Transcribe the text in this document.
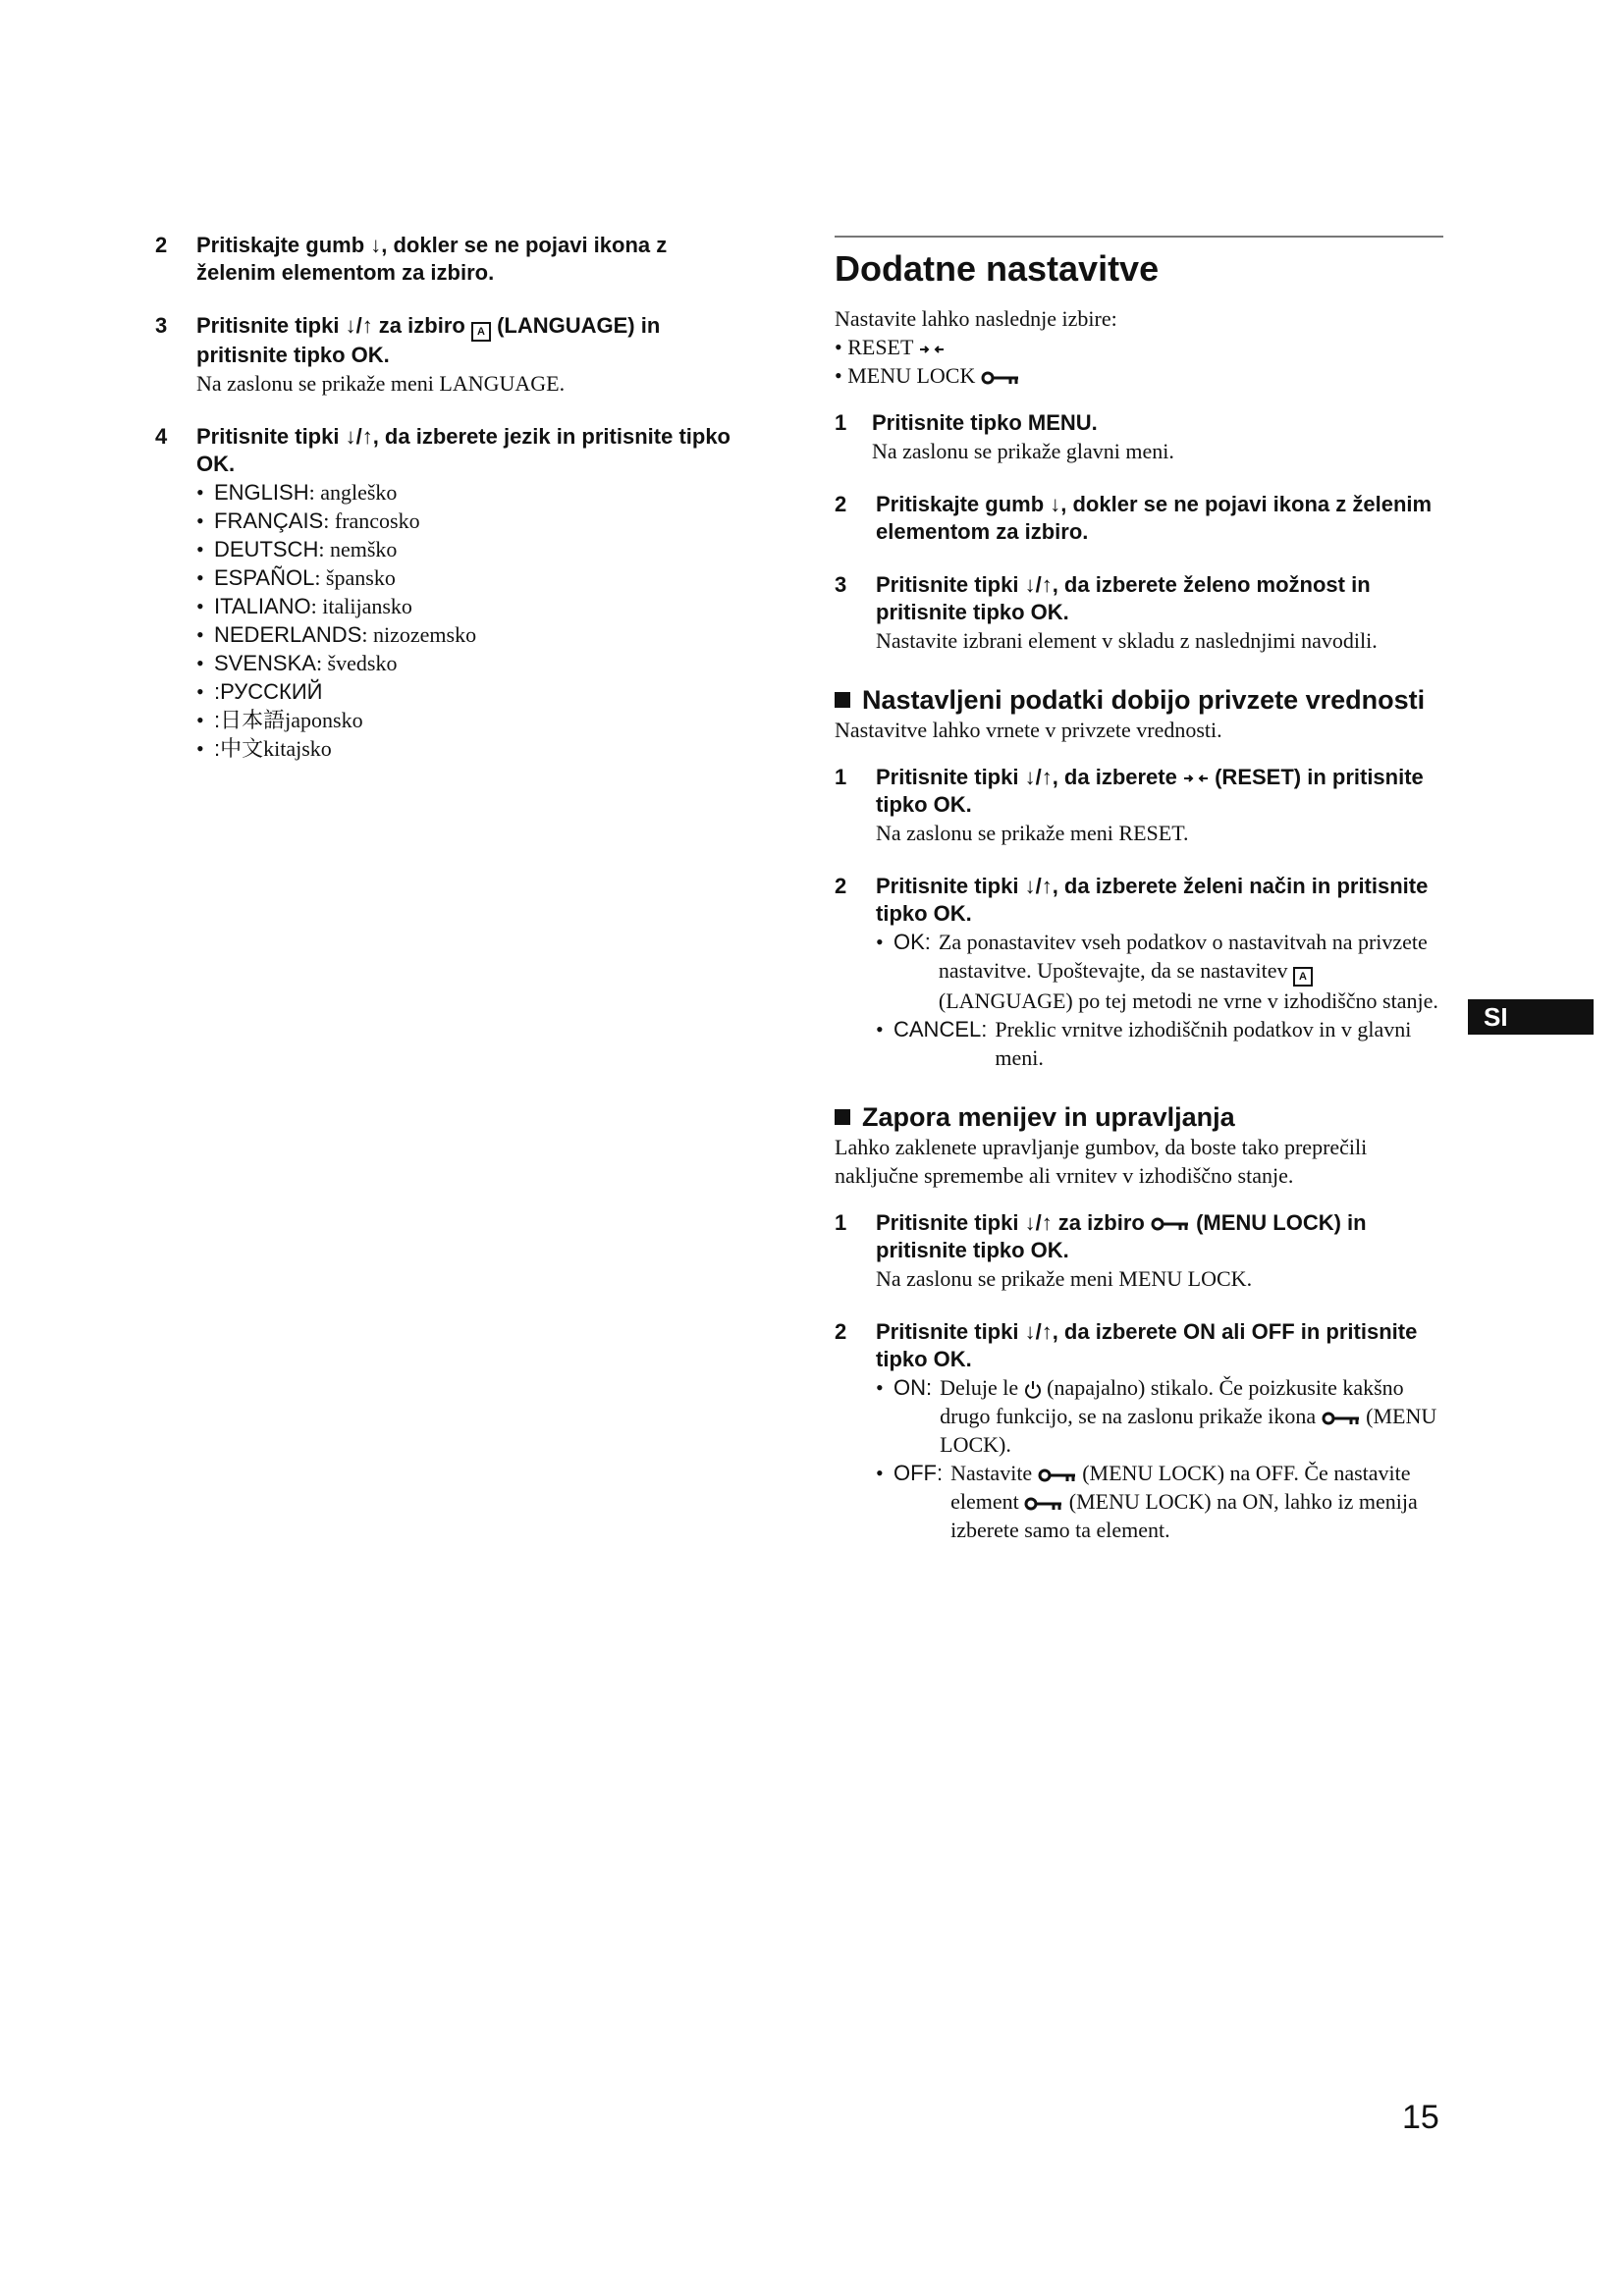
2 Pritiskajte gumb ↓, dokler se ne pojavi ikona z želenim elementom za izbiro.
3 Pritisnite tipki ↓/↑ za izbiro A (LANGUAGE) in pritisnite tipko OK.
Na zaslonu se prikaže meni LANGUAGE.
4 Pritisnite tipki ↓/↑, da izberete jezik in pritisnite tipko OK.
• ENGLISH: angleško
• FRANÇAIS: francosko
• DEUTSCH: nemško
• ESPAÑOL: špansko
• ITALIANO: italijansko
• NEDERLANDS: nizozemsko
• SVENSKA: švedsko
• :РУССКИЙ
• :日本語japonsko
• :中文kitajsko
Dodatne nastavitve
Nastavite lahko naslednje izbire:
• RESET
• MENU LOCK
1 Pritisnite tipko MENU.
Na zaslonu se prikaže glavni meni.
2 Pritiskajte gumb ↓, dokler se ne pojavi ikona z želenim elementom za izbiro.
3 Pritisnite tipki ↓/↑, da izberete želeno možnost in pritisnite tipko OK.
Nastavite izbrani element v skladu z naslednjimi navodili.
Nastavljeni podatki dobijo privzete vrednosti
Nastavitve lahko vrnete v privzete vrednosti.
1 Pritisnite tipki ↓/↑, da izberete (RESET) in pritisnite tipko OK.
Na zaslonu se prikaže meni RESET.
2 Pritisnite tipki ↓/↑, da izberete želeni način in pritisnite tipko OK.
• OK: Za ponastavitev vseh podatkov o nastavitvah na privzete nastavitve. Upoštevajte, da se nastavitev A(LANGUAGE) po tej metodi ne vrne v izhodiščno stanje.
• CANCEL: Preklic vrnitve izhodiščnih podatkov in v glavni meni.
Zapora menijev in upravljanja
Lahko zaklenete upravljanje gumbov, da boste tako preprečili naključne spremembe ali vrnitev v izhodiščno stanje.
1 Pritisnite tipki ↓/↑ za izbiro (MENU LOCK) in pritisnite tipko OK.
Na zaslonu se prikaže meni MENU LOCK.
2 Pritisnite tipki ↓/↑, da izberete ON ali OFF in pritisnite tipko OK.
• ON: Deluje le (napajalno) stikalo. Če poizkusite kakšno drugo funkcijo, se na zaslonu prikaže ikona (MENU LOCK).
• OFF: Nastavite (MENU LOCK) na OFF. Če nastavite element (MENU LOCK) na ON, lahko iz menija izberete samo ta element.
SI
15
